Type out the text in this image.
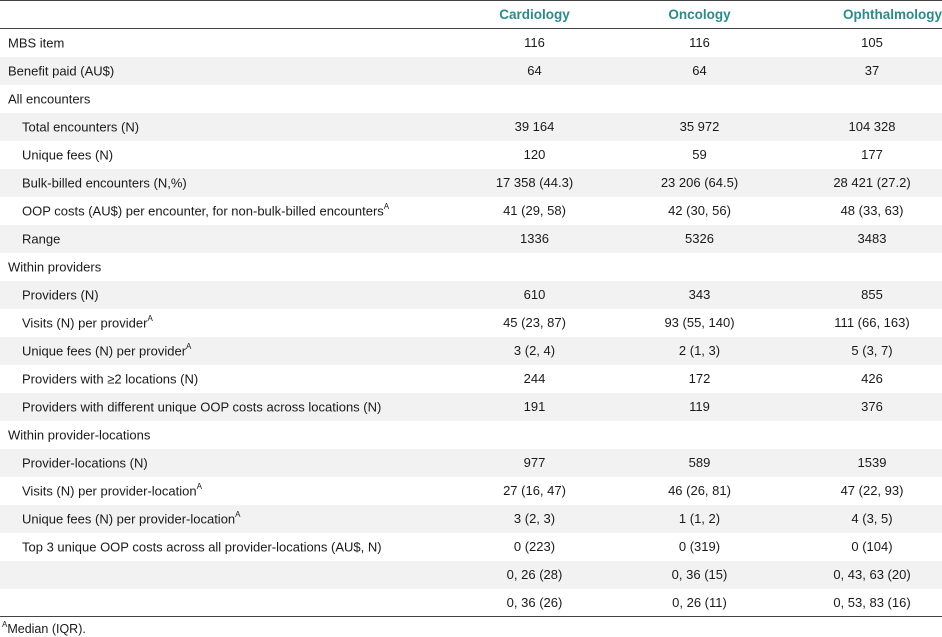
	Cardiology	Oncology	Ophthalmology
MBS item	116	116	105
Benefit paid (AU$)	64	64	37
All encounters			
Total encounters (N)	39 164	35 972	104 328
Unique fees (N)	120	59	177
Bulk-billed encounters (N,%)	17 358 (44.3)	23 206 (64.5)	28 421 (27.2)
OOP costs (AU$) per encounter, for non-bulk-billed encounters$^A$	41 (29, 58)	42 (30, 56)	48 (33, 63)
Range	1336	5326	3483
Within providers			
Providers (N)	610	343	855
Visits (N) per provider$^A$	45 (23, 87)	93 (55, 140)	111 (66, 163)
Unique fees (N) per provider$^A$	3 (2, 4)	2 (1, 3)	5 (3, 7)
Providers with ≥2 locations (N)	244	172	426
Providers with different unique OOP costs across locations (N)	191	119	376
Within provider-locations			
Provider-locations (N)	977	589	1539
Visits (N) per provider-location$^A$	27 (16, 47)	46 (26, 81)	47 (22, 93)
Unique fees (N) per provider-location$^A$	3 (2, 3)	1 (1, 2)	4 (3, 5)
Top 3 unique OOP costs across all provider-locations (AU$, N)	0 (223)	0 (319)	0 (104)
	0, 26 (28)	0, 36 (15)	0, 43, 63 (20)
	0, 36 (26)	0, 26 (11)	0, 53, 83 (16)
$^A$Median (IQR).
